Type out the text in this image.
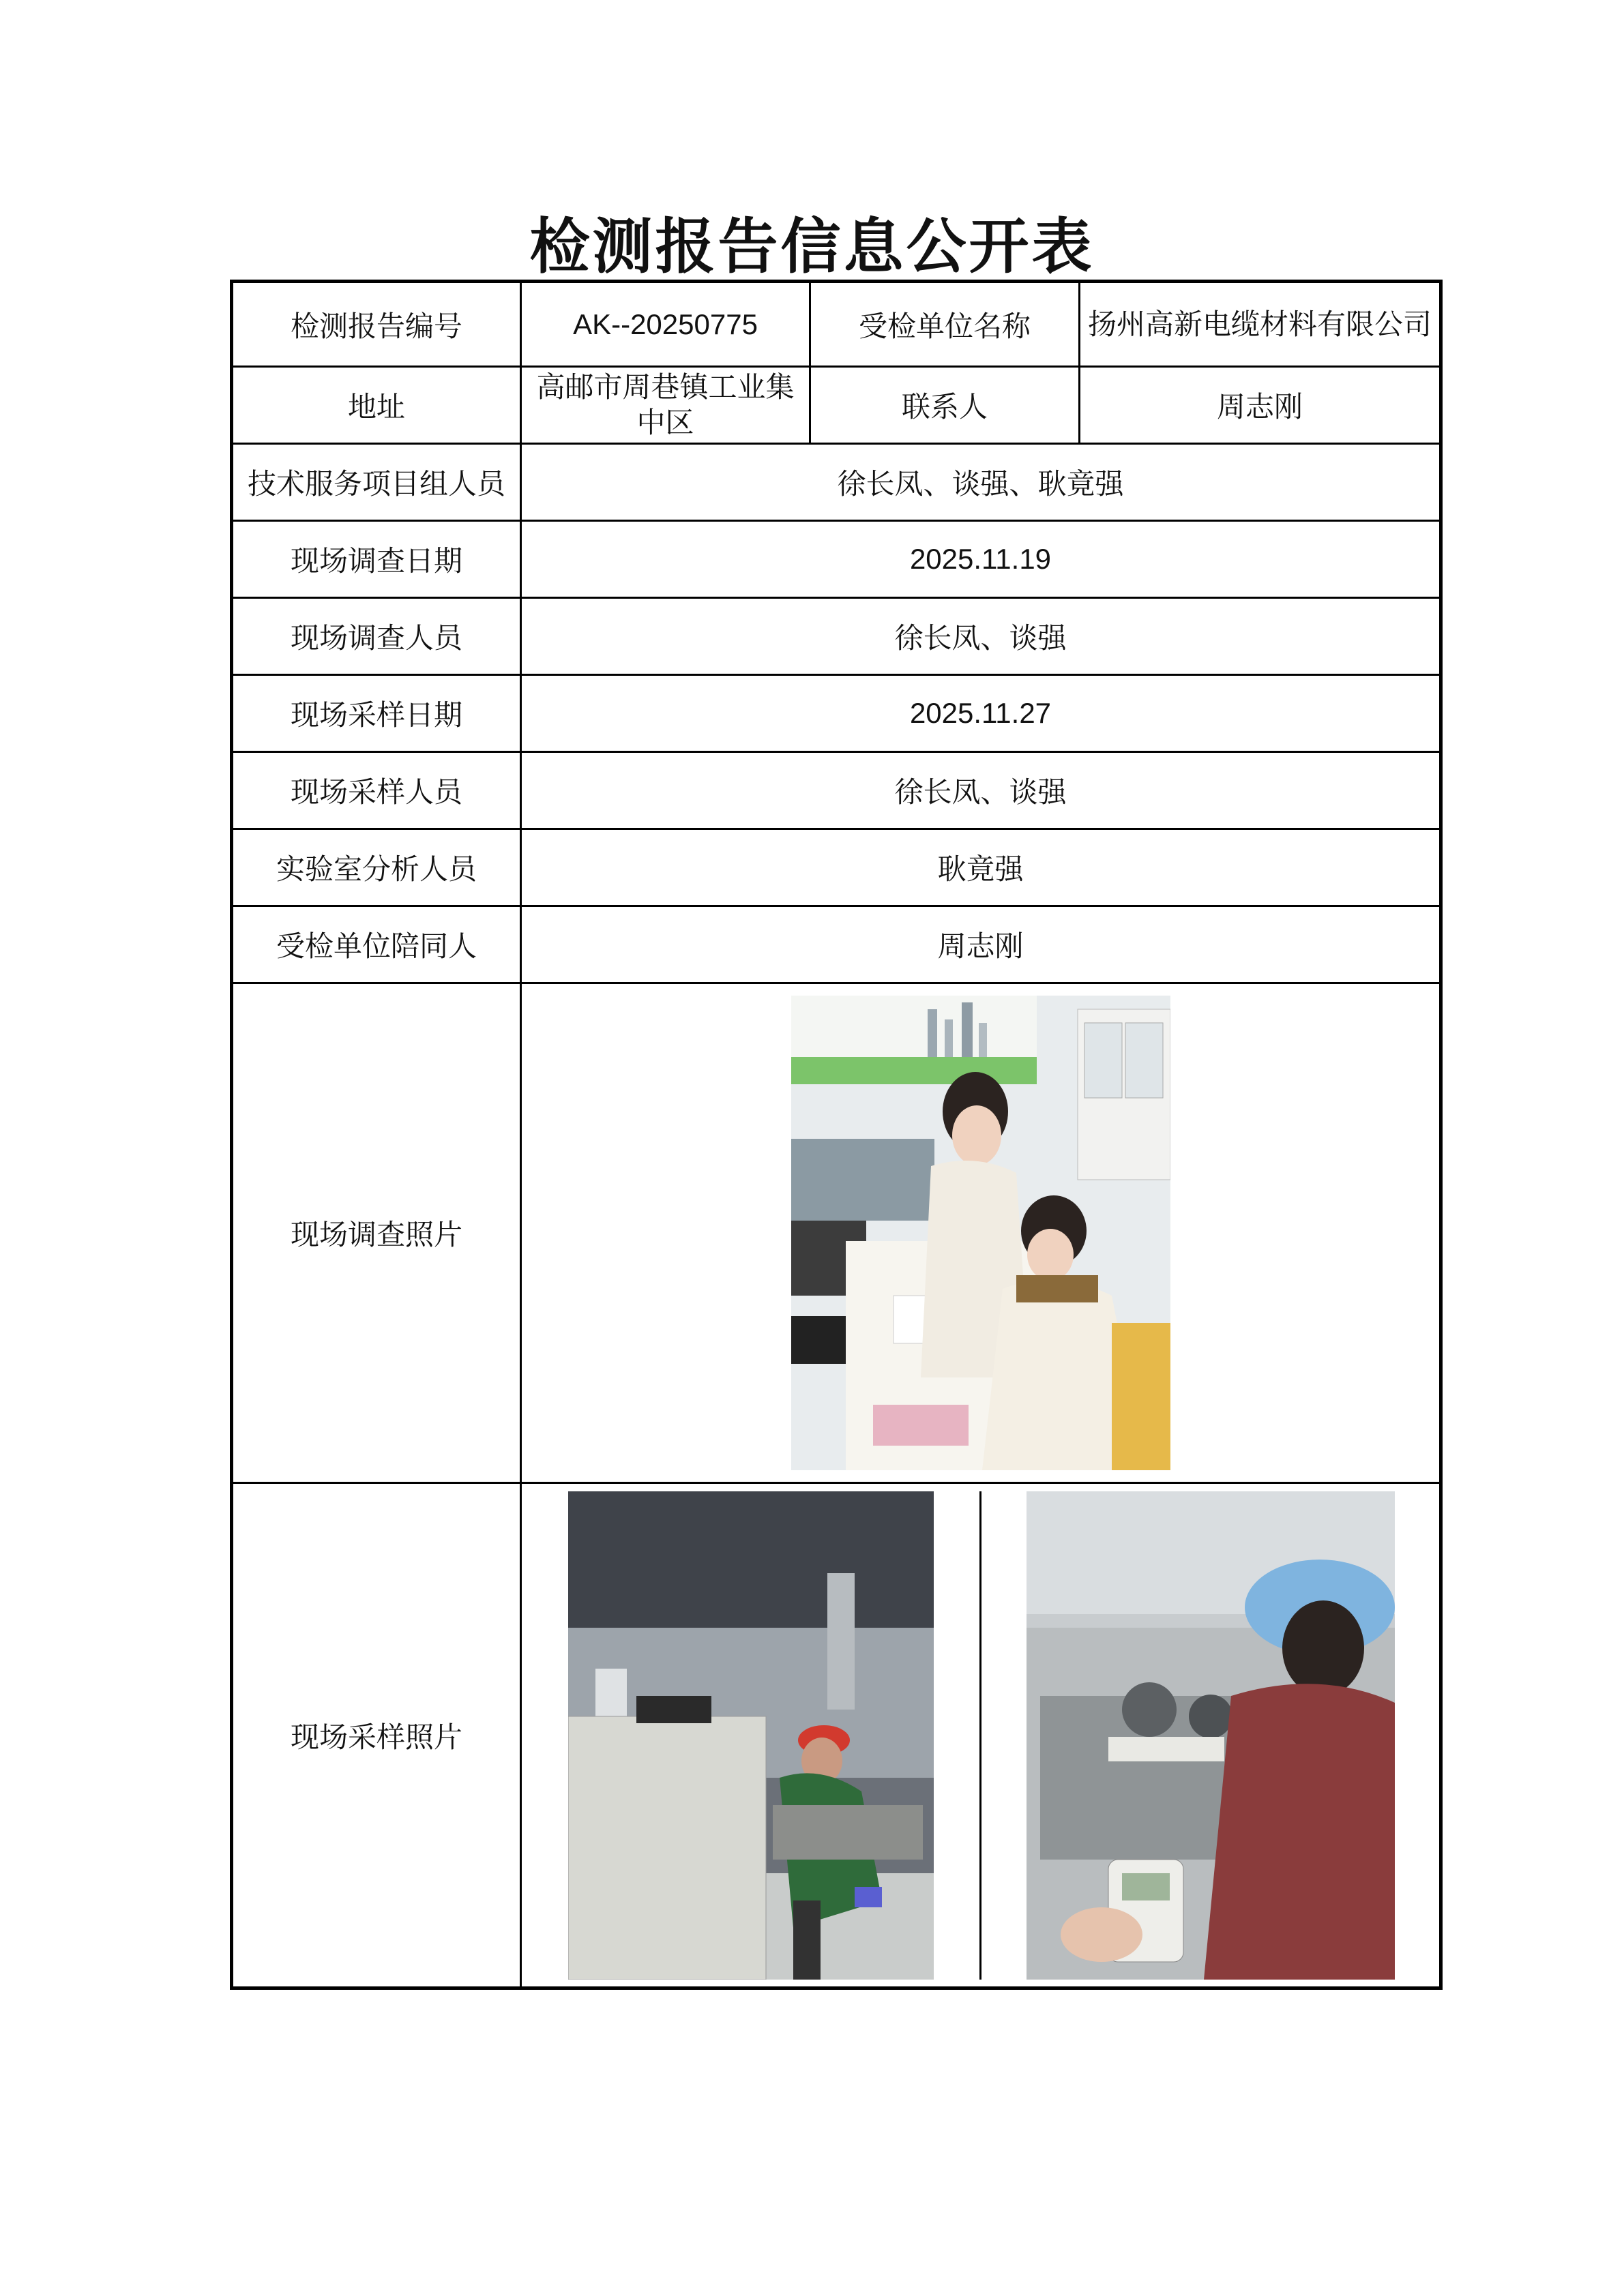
检测报告信息公开表
检测报告编号	AK--20250775	受检单位名称	扬州高新电缆材料有限公司
地址	高邮市周巷镇工业集中区	联系人	周志刚
技术服务项目组人员	徐长凤、谈强、耿竟强		
现场调查日期	2025.11.19		
现场调查人员	徐长凤、谈强		
现场采样日期	2025.11.27		
现场采样人员	徐长凤、谈强		
实验室分析人员	耿竟强		
受检单位陪同人	周志刚		
现场调查照片	

现场采样照片	
